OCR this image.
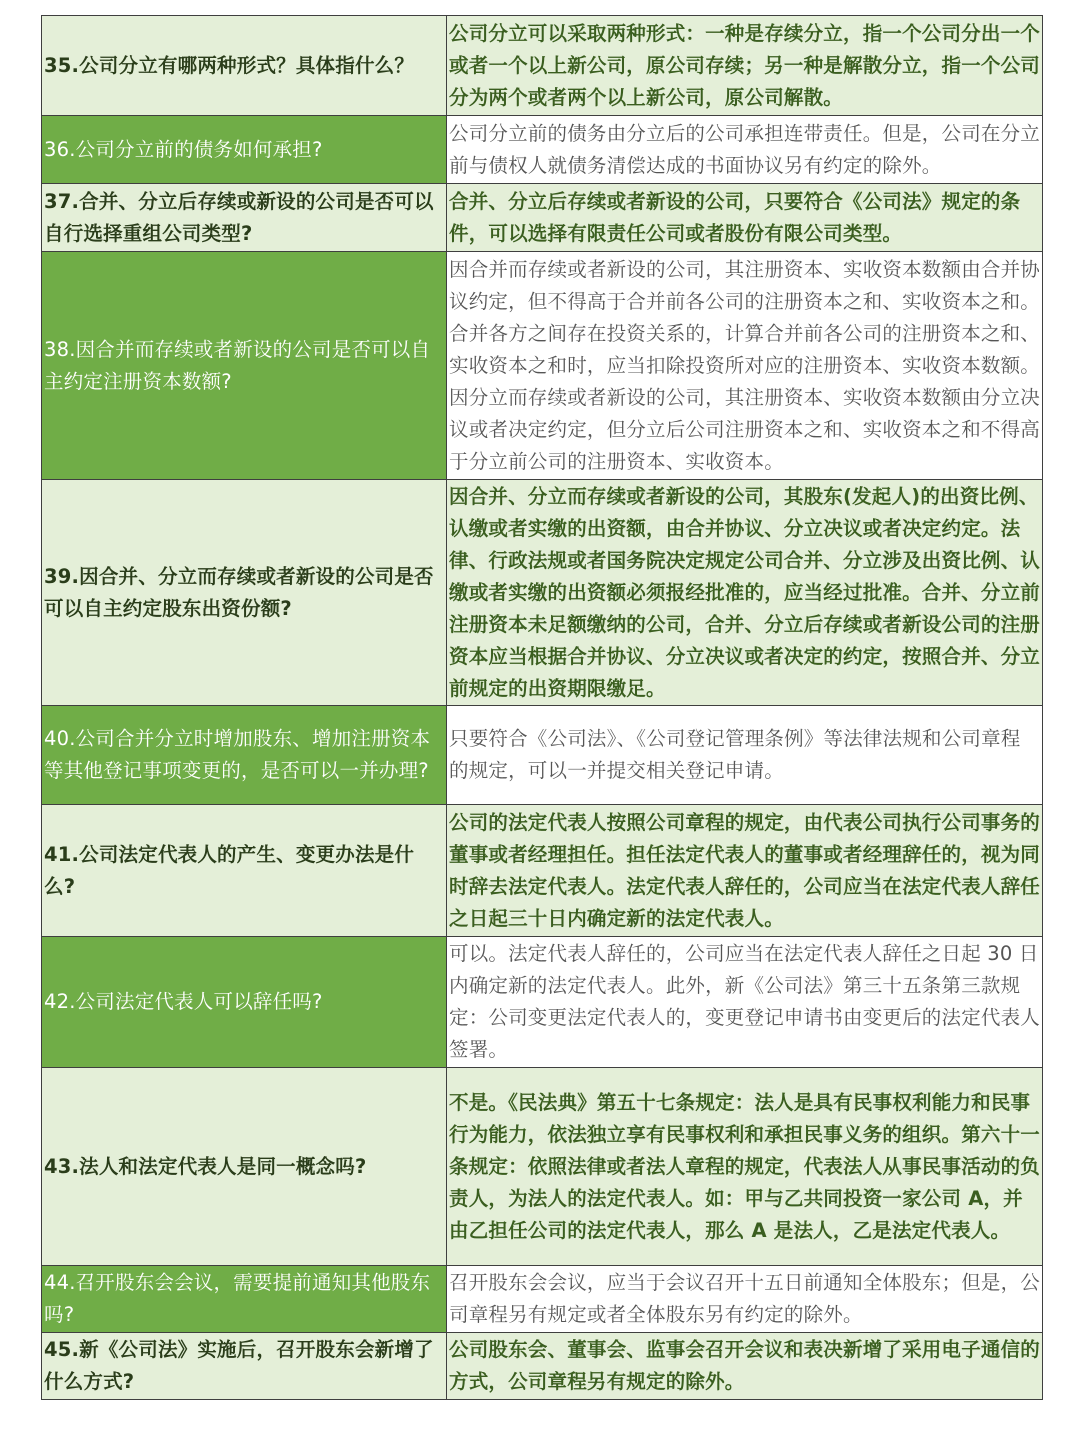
35.公司分立有哪两种形式？具体指什么？	公司分立可以采取两种形式：一种是存续分立，指一个公司分出一个或者一个以上新公司，原公司存续；另一种是解散分立，指一个公司分为两个或者两个以上新公司，原公司解散。
36.公司分立前的债务如何承担?	公司分立前的债务由分立后的公司承担连带责任。但是，公司在分立前与债权人就债务清偿达成的书面协议另有约定的除外。
37.合并、分立后存续或新设的公司是否可以自行选择重组公司类型?	合并、分立后存续或者新设的公司，只要符合《公司法》规定的条件，可以选择有限责任公司或者股份有限公司类型。
38.因合并而存续或者新设的公司是否可以自主约定注册资本数额?	因合并而存续或者新设的公司，其注册资本、实收资本数额由合并协议约定，但不得高于合并前各公司的注册资本之和、实收资本之和。合并各方之间存在投资关系的，计算合并前各公司的注册资本之和、实收资本之和时，应当扣除投资所对应的注册资本、实收资本数额。因分立而存续或者新设的公司，其注册资本、实收资本数额由分立决议或者决定约定，但分立后公司注册资本之和、实收资本之和不得高于分立前公司的注册资本、实收资本。
39.因合并、分立而存续或者新设的公司是否可以自主约定股东出资份额?	因合并、分立而存续或者新设的公司，其股东(发起人)的出资比例、认缴或者实缴的出资额，由合并协议、分立决议或者决定约定。法律、行政法规或者国务院决定规定公司合并、分立涉及出资比例、认缴或者实缴的出资额必须报经批准的，应当经过批准。合并、分立前注册资本未足额缴纳的公司，合并、分立后存续或者新设公司的注册资本应当根据合并协议、分立决议或者决定的约定，按照合并、分立前规定的出资期限缴足。
40.公司合并分立时增加股东、增加注册资本等其他登记事项变更的，是否可以一并办理?	只要符合《公司法》、《公司登记管理条例》等法律法规和公司章程的规定，可以一并提交相关登记申请。
41.公司法定代表人的产生、变更办法是什么?	公司的法定代表人按照公司章程的规定，由代表公司执行公司事务的董事或者经理担任。担任法定代表人的董事或者经理辞任的，视为同时辞去法定代表人。法定代表人辞任的，公司应当在法定代表人辞任之日起三十日内确定新的法定代表人。
42.公司法定代表人可以辞任吗?	可以。法定代表人辞任的，公司应当在法定代表人辞任之日起 30 日内确定新的法定代表人。此外，新《公司法》第三十五条第三款规定：公司变更法定代表人的，变更登记申请书由变更后的法定代表人签署。
43.法人和法定代表人是同一概念吗?	不是。《民法典》第五十七条规定：法人是具有民事权利能力和民事行为能力，依法独立享有民事权利和承担民事义务的组织。第六十一条规定：依照法律或者法人章程的规定，代表法人从事民事活动的负责人，为法人的法定代表人。如：甲与乙共同投资一家公司 A，并由乙担任公司的法定代表人，那么 A 是法人，乙是法定代表人。
44.召开股东会会议，需要提前通知其他股东吗?	召开股东会会议，应当于会议召开十五日前通知全体股东；但是，公司章程另有规定或者全体股东另有约定的除外。
45.新《公司法》实施后，召开股东会新增了什么方式?	公司股东会、董事会、监事会召开会议和表决新增了采用电子通信的方式，公司章程另有规定的除外。
